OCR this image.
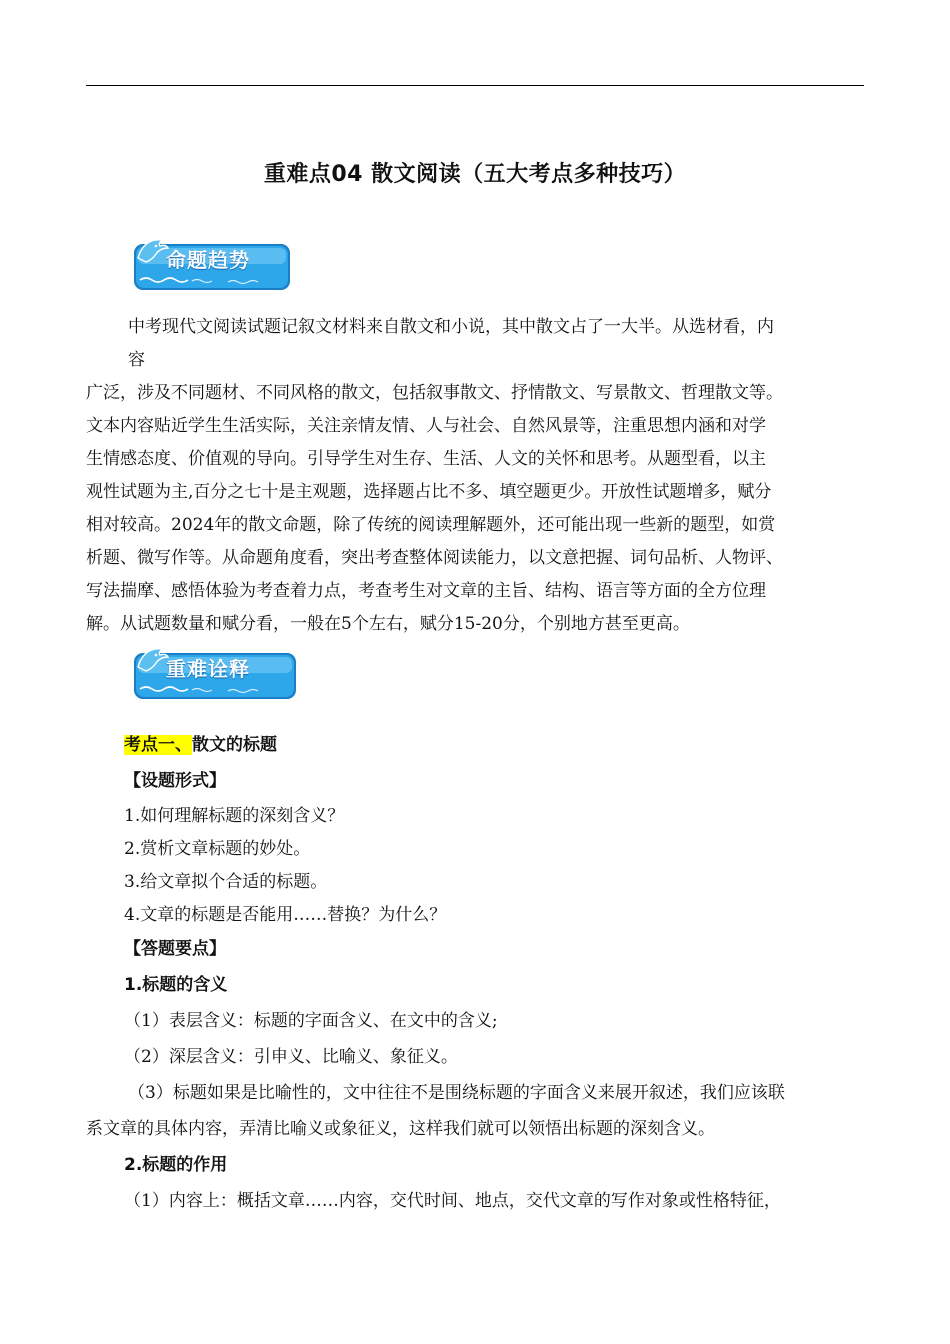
重难点04 散文阅读（五大考点多种技巧）
命题趋势
中考现代文阅读试题记叙文材料来自散文和小说，其中散文占了一大半。从选材看，内
容
广泛，涉及不同题材、不同风格的散文，包括叙事散文、抒情散文、写景散文、哲理散文等。
文本内容贴近学生生活实际，关注亲情友情、人与社会、自然风景等，注重思想内涵和对学
生情感态度、价值观的导向。引导学生对生存、生活、人文的关怀和思考。从题型看，以主
观性试题为主,百分之七十是主观题，选择题占比不多、填空题更少。开放性试题增多，赋分
相对较高。2024年的散文命题，除了传统的阅读理解题外，还可能出现一些新的题型，如赏
析题、微写作等。从命题角度看，突出考查整体阅读能力，以文意把握、词句品析、人物评、
写法揣摩、感悟体验为考查着力点，考查考生对文章的主旨、结构、语言等方面的全方位理
解。从试题数量和赋分看，一般在5个左右，赋分15-20分，个别地方甚至更高。
重难诠释
考点一、散文的标题
【设题形式】
1.如何理解标题的深刻含义？
2.赏析文章标题的妙处。
3.给文章拟个合适的标题。
4.文章的标题是否能用……替换？为什么？
【答题要点】
1.标题的含义
（1）表层含义：标题的字面含义、在文中的含义;
（2）深层含义：引申义、比喻义、象征义。
（3）标题如果是比喻性的，文中往往不是围绕标题的字面含义来展开叙述，我们应该联
系文章的具体内容，弄清比喻义或象征义，这样我们就可以领悟出标题的深刻含义。
2.标题的作用
（1）内容上：概括文章……内容，交代时间、地点，交代文章的写作对象或性格特征，
